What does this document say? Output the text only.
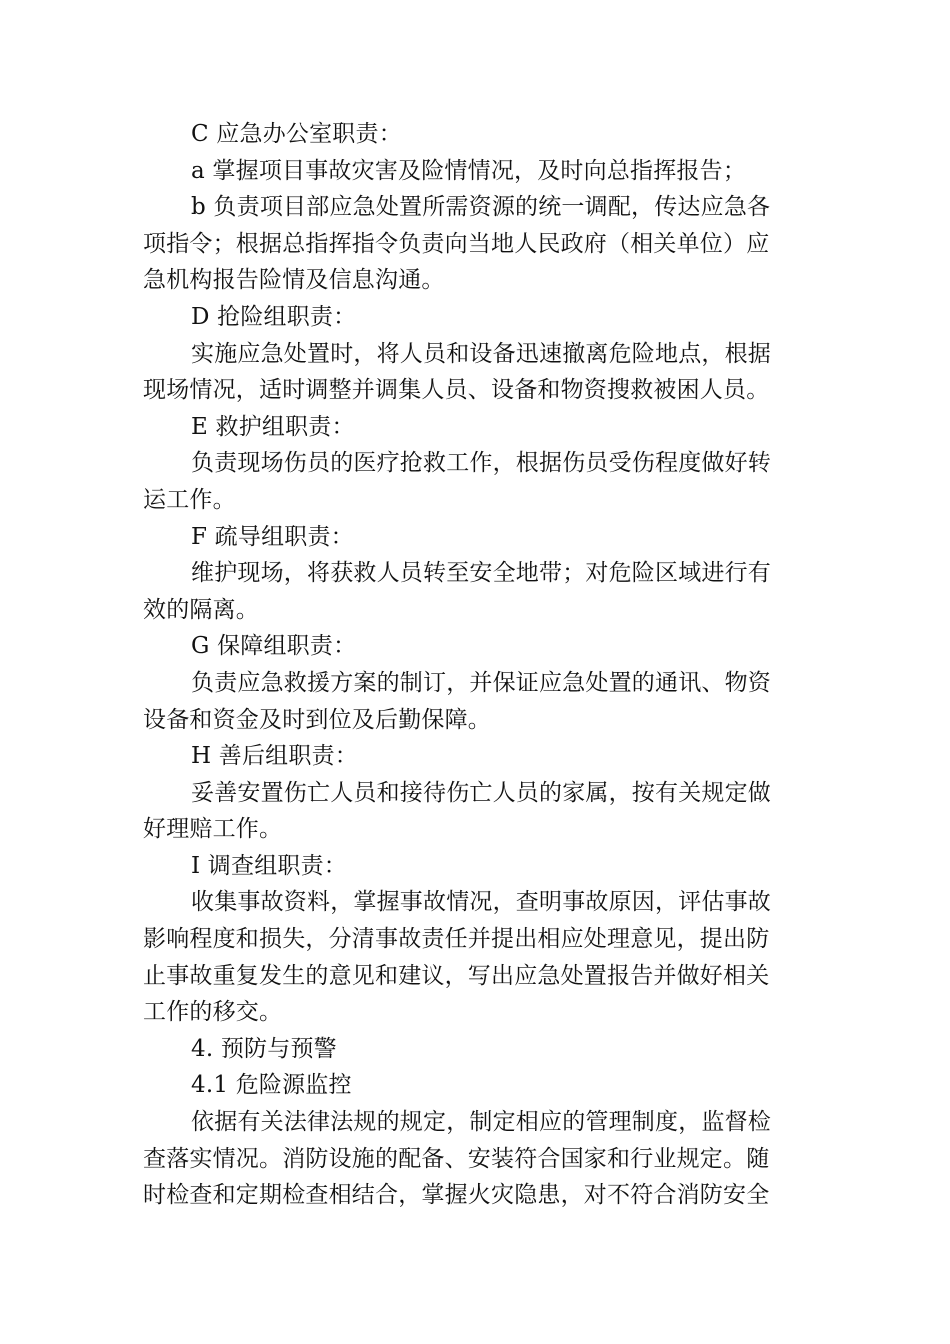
C 应急办公室职责：
a 掌握项目事故灾害及险情情况，及时向总指挥报告；
b 负责项目部应急处置所需资源的统一调配，传达应急各
项指令；根据总指挥指令负责向当地人民政府（相关单位）应
急机构报告险情及信息沟通。
D 抢险组职责：
实施应急处置时，将人员和设备迅速撤离危险地点，根据
现场情况，适时调整并调集人员、设备和物资搜救被困人员。
E 救护组职责：
负责现场伤员的医疗抢救工作，根据伤员受伤程度做好转
运工作。
F 疏导组职责：
维护现场，将获救人员转至安全地带；对危险区域进行有
效的隔离。
G 保障组职责：
负责应急救援方案的制订，并保证应急处置的通讯、物资
设备和资金及时到位及后勤保障。
H 善后组职责：
妥善安置伤亡人员和接待伤亡人员的家属，按有关规定做
好理赔工作。
I 调查组职责：
收集事故资料，掌握事故情况，查明事故原因，评估事故
影响程度和损失，分清事故责任并提出相应处理意见，提出防
止事故重复发生的意见和建议，写出应急处置报告并做好相关
工作的移交。
4. 预防与预警
4.1 危险源监控
依据有关法律法规的规定，制定相应的管理制度，监督检
查落实情况。消防设施的配备、安装符合国家和行业规定。随
时检查和定期检查相结合，掌握火灾隐患，对不符合消防安全
